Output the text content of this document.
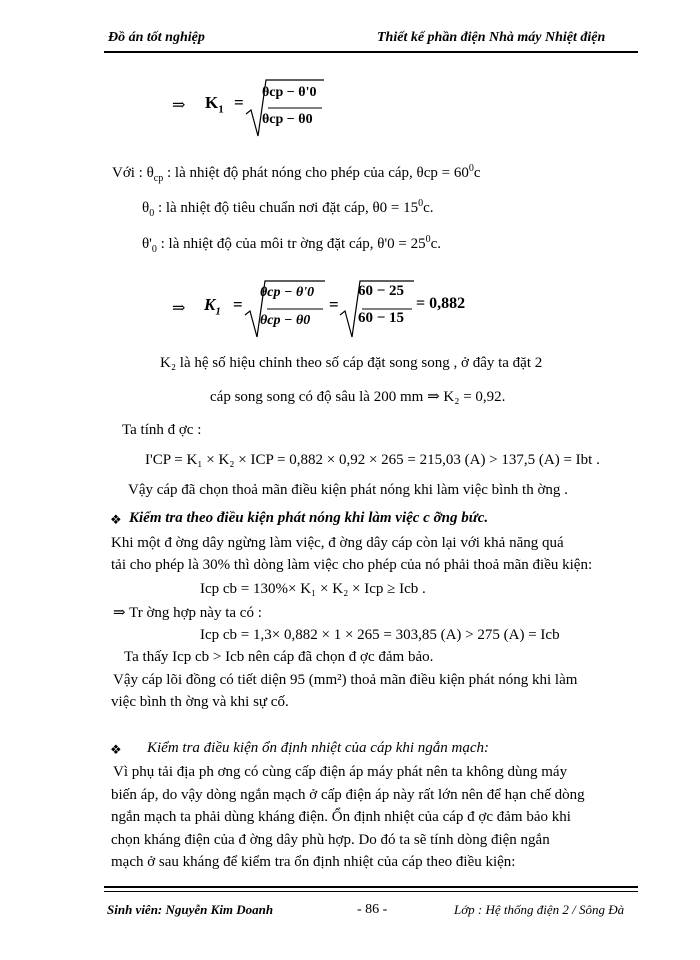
Đồ án tốt nghiệp	Thiết kế phần điện Nhà máy Nhiệt điện
⇒ $K_1$ =
θcp − θ'0
θcp − θ0
Với : $\theta_{cp}$ : là nhiệt độ phát nóng cho phép của cáp, $\theta cp = 60^0c$
$\theta_0$ : là nhiệt độ tiêu chuẩn nơi đặt cáp, $\theta 0 = 15^0c$.
$\theta'_0$ : là nhiệt độ của môi tr ờng đặt cáp, $\theta'0 = 25^0c$.
⇒ $K_1$ =
θcp − θ'0
θcp − θ0
=
60 − 25
60 − 15
= 0,882
K₂ là hệ số hiệu chỉnh theo số cáp đặt song song , ở đây ta đặt 2
cáp song song có độ sâu là 200 mm ⇒ K₂ = 0,92.
Ta tính đ ợc :
I'CP = K₁ × K₂ × ICP = 0,882 × 0,92 × 265 = 215,03 (A) > 137,5 (A) = Ibt .
Vậy cáp đã chọn thoả mãn điều kiện phát nóng khi làm việc bình th ờng .
❖ Kiểm tra theo điều kiện phát nóng khi làm việc c ỡng bức.
Khi một đ ờng dây ngừng làm việc, đ ờng dây cáp còn lại với khả năng quá
tải cho phép là 30% thì dòng làm việc cho phép của nó phải thoả mãn điều kiện:
Icp cb = 130%× K₁ × K₂ × Icp ≥ Icb .
⇒ Tr ờng hợp này ta có :
Icp cb = 1,3× 0,882 × 1 × 265 = 303,85 (A) > 275 (A) = Icb
Ta thấy Icp cb > Icb nên cáp đã chọn đ ợc đảm bảo.
Vậy cáp lõi đồng có tiết diện 95 (mm²) thoả mãn điều kiện phát nóng khi làm
việc bình th ờng và khi sự cố.
❖ Kiểm tra điều kiện ổn định nhiệt của cáp khi ngắn mạch:
Vì phụ tải địa ph ơng có cùng cấp điện áp máy phát nên ta không dùng máy
biến áp, do vậy dòng ngắn mạch ở cấp điện áp này rất lớn nên để hạn chế dòng
ngắn mạch ta phải dùng kháng điện. Ổn định nhiệt của cáp đ ợc đảm bảo khi
chọn kháng điện của đ ờng dây phù hợp. Do đó ta sẽ tính dòng điện ngắn
mạch ở sau kháng để kiểm tra ổn định nhiệt của cáp theo điều kiện:
Sinh viên: Nguyễn Kim Doanh	- 86 -	Lớp : Hệ thống điện 2 / Sông Đà
